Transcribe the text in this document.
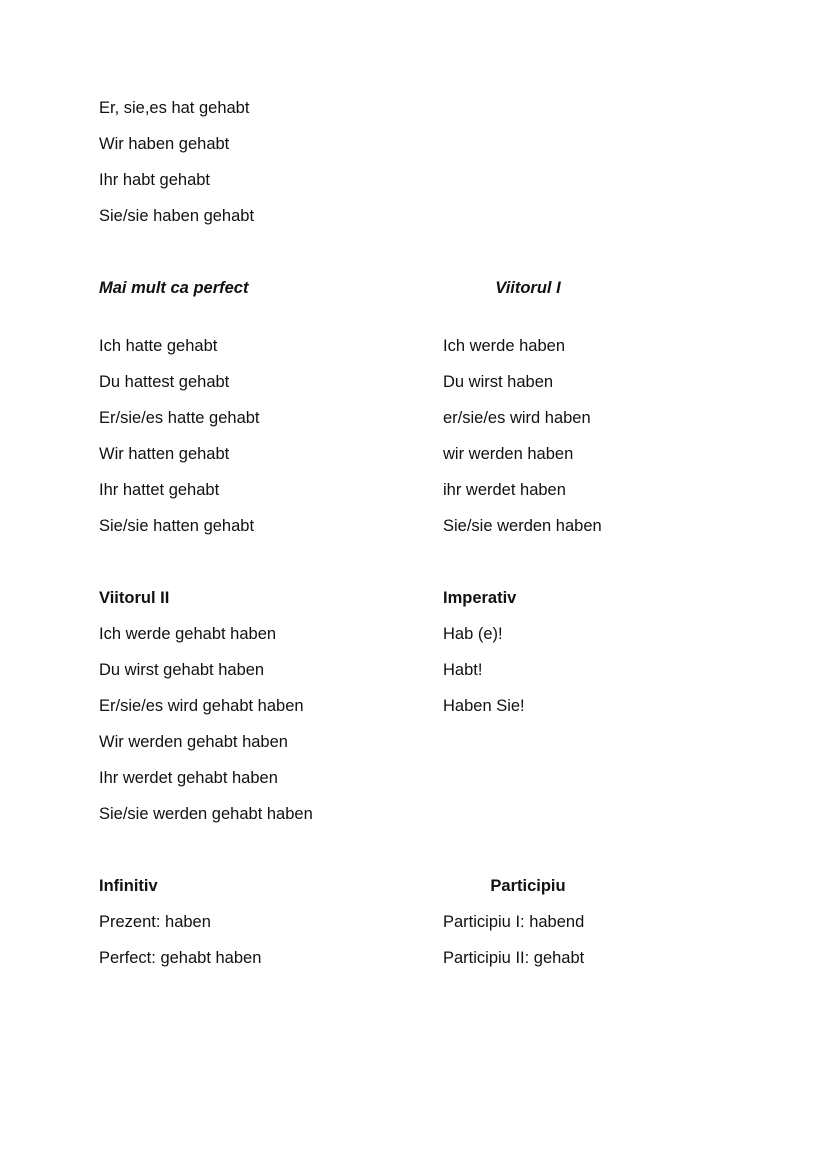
Er, sie,es hat gehabt
Wir haben gehabt
Ihr habt gehabt
Sie/sie haben gehabt
Mai mult ca perfect
Ich hatte gehabt
Du hattest gehabt
Er/sie/es hatte gehabt
Wir hatten gehabt
Ihr hattet gehabt
Sie/sie hatten gehabt
Viitorul I
Ich werde haben
Du wirst haben
er/sie/es wird haben
wir werden haben
ihr werdet haben
Sie/sie werden haben
Viitorul II
Ich werde gehabt haben
Du wirst gehabt haben
Er/sie/es wird gehabt haben
Wir werden gehabt haben
Ihr werdet gehabt haben
Sie/sie werden gehabt haben
Imperativ
Hab (e)!
Habt!
Haben Sie!
Infinitiv
Prezent: haben
Perfect: gehabt haben
Participiu
Participiu I: habend
Participiu II: gehabt
